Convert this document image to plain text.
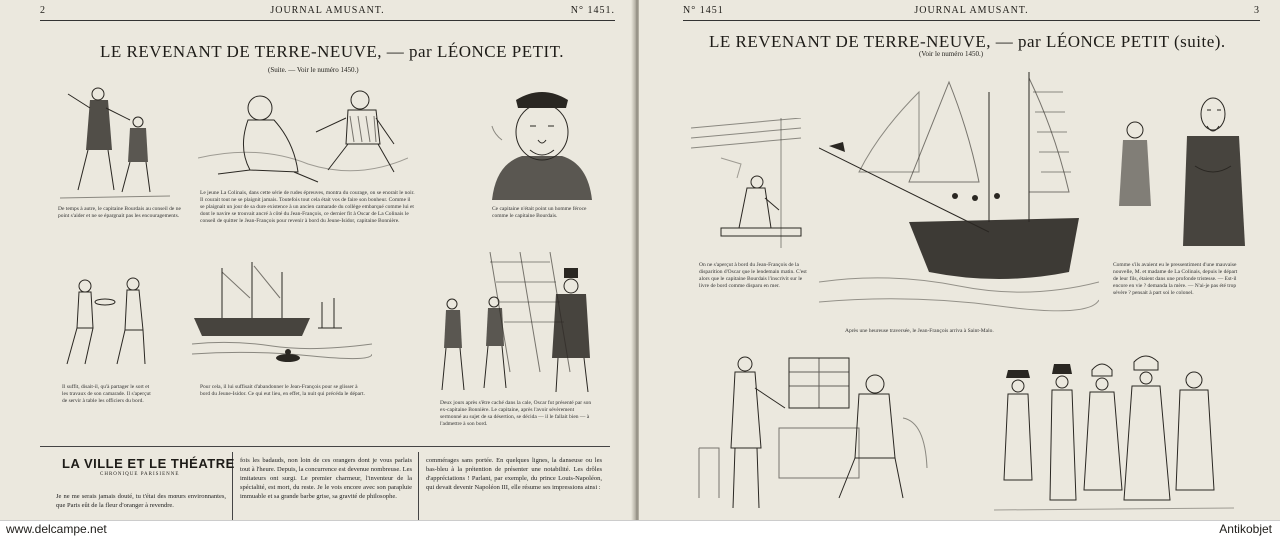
2	JOURNAL AMUSANT.	N° 1451.
LE REVENANT DE TERRE-NEUVE, — par LÉONCE PETIT.
(Suite. — Voir le numéro 1450.)
De temps à autre, le capitaine Bourdais au conseil de ne point s'aider et ne se épargnait pas les encouragements.
Le jeune La Colinais, dans cette série de rudes épreuves, montra du courage, on se enorait le noir. Il courait tout ne se plaignit jamais. Toutefois tout cela était vos de faire son bonheur. Comme il se plaignait un jour de sa dure existence à un ancien camarade du collège embarqué comme lui et dont le navire se trouvait ancré à côté du Jean-François, ce dernier fit à Oscar de La Colinais le conseil de quitter le Jean-François pour revenir à bord du Jeune-Isidor, capitaine Bonnière.
Ce capitaine n'était point un homme féroce comme le capitaine Bourdais.
Il suffit, disait-il, qu'à partager le sort et les travaux de son camarade. Il s'aperçut de servir à table les officiers du bord.
Pour cela, il lui suffisait d'abandonner le Jean-François pour se glisser à bord du Jeune-Isidor. Ce qui eut lieu, en effet, la nuit qui précéda le départ.
Deux jours après s'être caché dans la cale, Oscar fut présenté par son ex-capitaine Bonnière. Le capitaine, après l'avoir sévèrement sermonné au sujet de sa désertion, se décida — il le fallait bien — à l'admettre à son bord.
LA VILLE ET LE THÉATRE
CHRONIQUE PARISIENNE
Je ne me serais jamais douté, tu t'étai des mœurs environnantes, que Paris eût de la fleur d'oranger à revendre.
fois les badauds, non loin de ces orangers dont je vous parlais tout à l'heure. Depuis, la concurrence est devenue nombreuse. Les imitateurs ont surgi. Le premier charmeur, l'inventeur de la spécialité, est mort, du reste. Je le vois encore avec son parapluie immuable et sa grande barbe grise, sa gravité de philosophe.
commérages sans portée. En quelques lignes, la danseuse ou les bas-bleu à la prétention de présenter une notabilité. Les drôles d'appréciations ! Parlant, par exemple, du prince Louis-Napoléon, qui devait devenir Napoléon III, elle résume ses impressions ainsi :
N° 1451	JOURNAL AMUSANT.	3
LE REVENANT DE TERRE-NEUVE, — par LÉONCE PETIT (suite).
(Voir le numéro 1450.)
On ne s'aperçut à bord du Jean-François de la disparition d'Oscar que le lendemain matin. C'est alors que le capitaine Bourdais l'inscrivit sur le livre de bord comme disparu en mer.
Après une heureuse traversée, le Jean-François arriva à Saint-Malo.
Comme s'ils avaient eu le pressentiment d'une mauvaise nouvelle, M. et madame de La Colinais, depuis le départ de leur fils, étaient dans une profonde tristesse. — Est-il encore en vie ? demanda la mère. — N'ai-je pas été trop sévère ? pensait à part soi le colonel.
www.delcampe.net	Antikobjet
